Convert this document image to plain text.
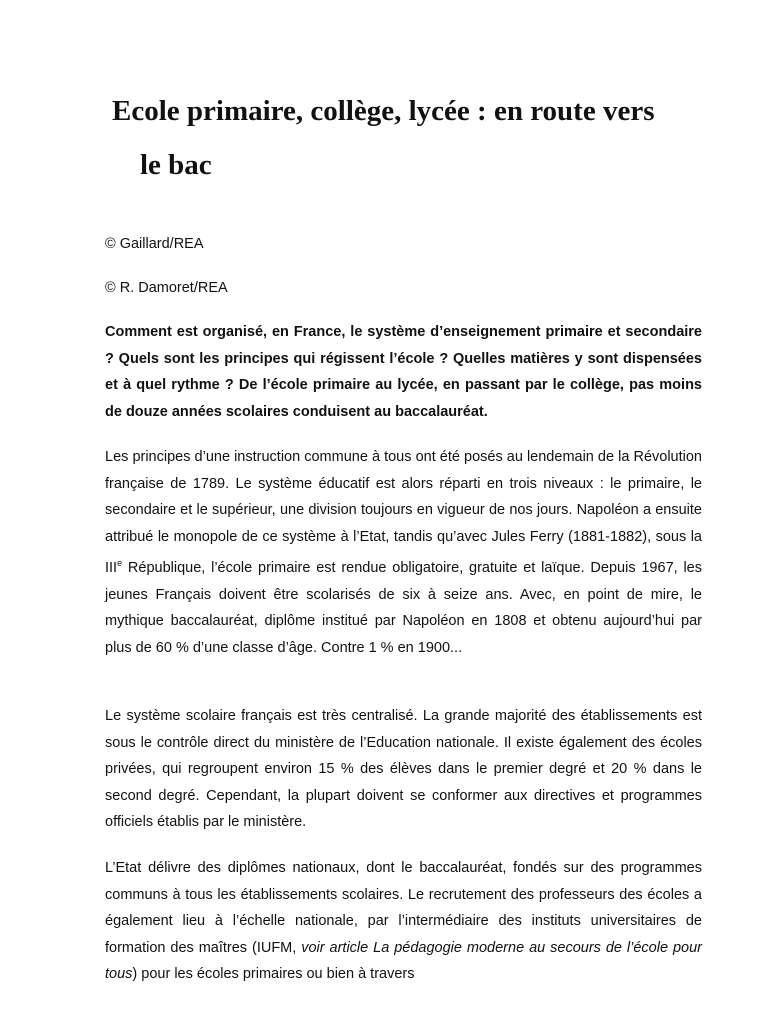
Ecole primaire, collège, lycée : en route vers
le bac

© Gaillard/REA

© R. Damoret/REA

Comment est organisé, en France, le système d’enseignement primaire et secondaire ? Quels sont les principes qui régissent l’école ? Quelles matières y sont dispensées et à quel rythme ? De l’école primaire au lycée, en passant par le collège, pas moins de douze années scolaires conduisent au baccalauréat.

Les principes d’une instruction commune à tous ont été posés au lendemain de la Révolution française de 1789. Le système éducatif est alors réparti en trois niveaux : le primaire, le secondaire et le supérieur, une division toujours en vigueur de nos jours. Napoléon a ensuite attribué le monopole de ce système à l’Etat, tandis qu’avec Jules Ferry (1881-1882), sous la IIIe République, l’école primaire est rendue obligatoire, gratuite et laïque. Depuis 1967, les jeunes Français doivent être scolarisés de six à seize ans. Avec, en point de mire, le mythique baccalauréat, diplôme institué par Napoléon en 1808 et obtenu aujourd’hui par plus de 60 % d’une classe d’âge. Contre 1 % en 1900...

Le système scolaire français est très centralisé. La grande majorité des établissements est sous le contrôle direct du ministère de l’Education nationale. Il existe également des écoles privées, qui regroupent environ 15 % des élèves dans le premier degré et 20 % dans le second degré. Cependant, la plupart doivent se conformer aux directives et programmes officiels établis par le ministère.

L’Etat délivre des diplômes nationaux, dont le baccalauréat, fondés sur des programmes communs à tous les établissements scolaires. Le recrutement des professeurs des écoles a également lieu à l’échelle nationale, par l’intermédiaire des instituts universitaires de formation des maîtres (IUFM, voir article La pédagogie moderne au secours de l’école pour tous) pour les écoles primaires ou bien à travers
